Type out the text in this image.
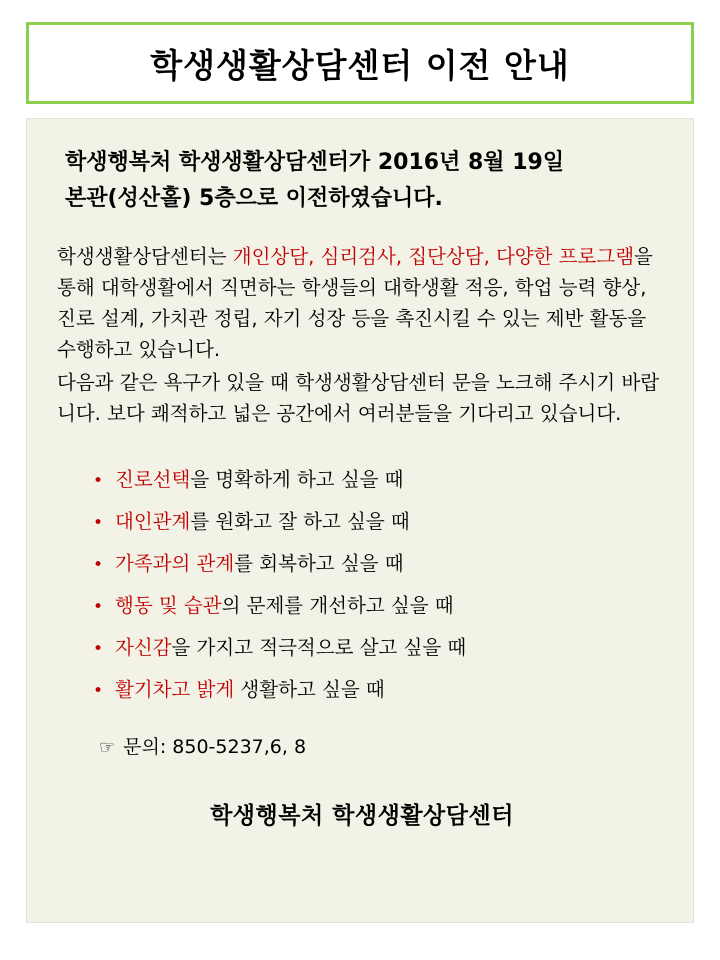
학생생활상담센터 이전 안내
학생행복처 학생생활상담센터가 2016년 8월 19일
본관(성산홀) 5층으로 이전하였습니다.

학생생활상담센터는 개인상담, 심리검사, 집단상담, 다양한 프로그램을 통해 대학생활에서 직면하는 학생들의 대학생활 적응, 학업 능력 향상, 진로 설계, 가치관 정립, 자기 성장 등을 촉진시킬 수 있는 제반 활동을 수행하고 있습니다.

다음과 같은 욕구가 있을 때 학생생활상담센터 문을 노크해 주시기 바랍니다. 보다 쾌적하고 넓은 공간에서 여러분들을 기다리고 있습니다.

• 진로선택을 명확하게 하고 싶을 때
• 대인관계를 원화고 잘 하고 싶을 때
• 가족과의 관계를 회복하고 싶을 때
• 행동 및 습관의 문제를 개선하고 싶을 때
• 자신감을 가지고 적극적으로 살고 싶을 때
• 활기차고 밝게 생활하고 싶을 때
☞ 문의: 850-5237,6, 8
학생행복처 학생생활상담센터
